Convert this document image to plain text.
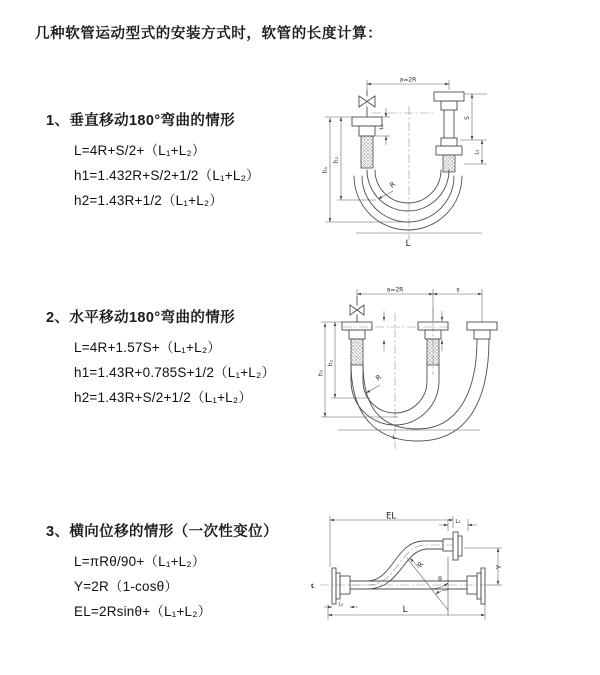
几种软管运动型式的安装方式时，软管的长度计算：
1、垂直移动180°弯曲的情形
L=4R+S/2+（L₁+L₂）
h1=1.432R+S/2+1/2（L₁+L₂）
h2=1.43R+1/2（L₁+L₂）
2、水平移动180°弯曲的情形
L=4R+1.57S+（L₁+L₂）
h1=1.43R+0.785S+1/2（L₁+L₂）
h2=1.43R+S/2+1/2（L₁+L₂）
3、横向位移的情形（一次性变位）
L=πRθ/90+（L₁+L₂）
Y=2R（1-cosθ）
EL=2Rsinθ+（L₁+L₂）
a=2R
h₁
h₂
L₁
S
L₂
R
L
a=2R	s
h₁
h₂
R
L
EL
L₁
Y
R
θ
L
L₂
℄
